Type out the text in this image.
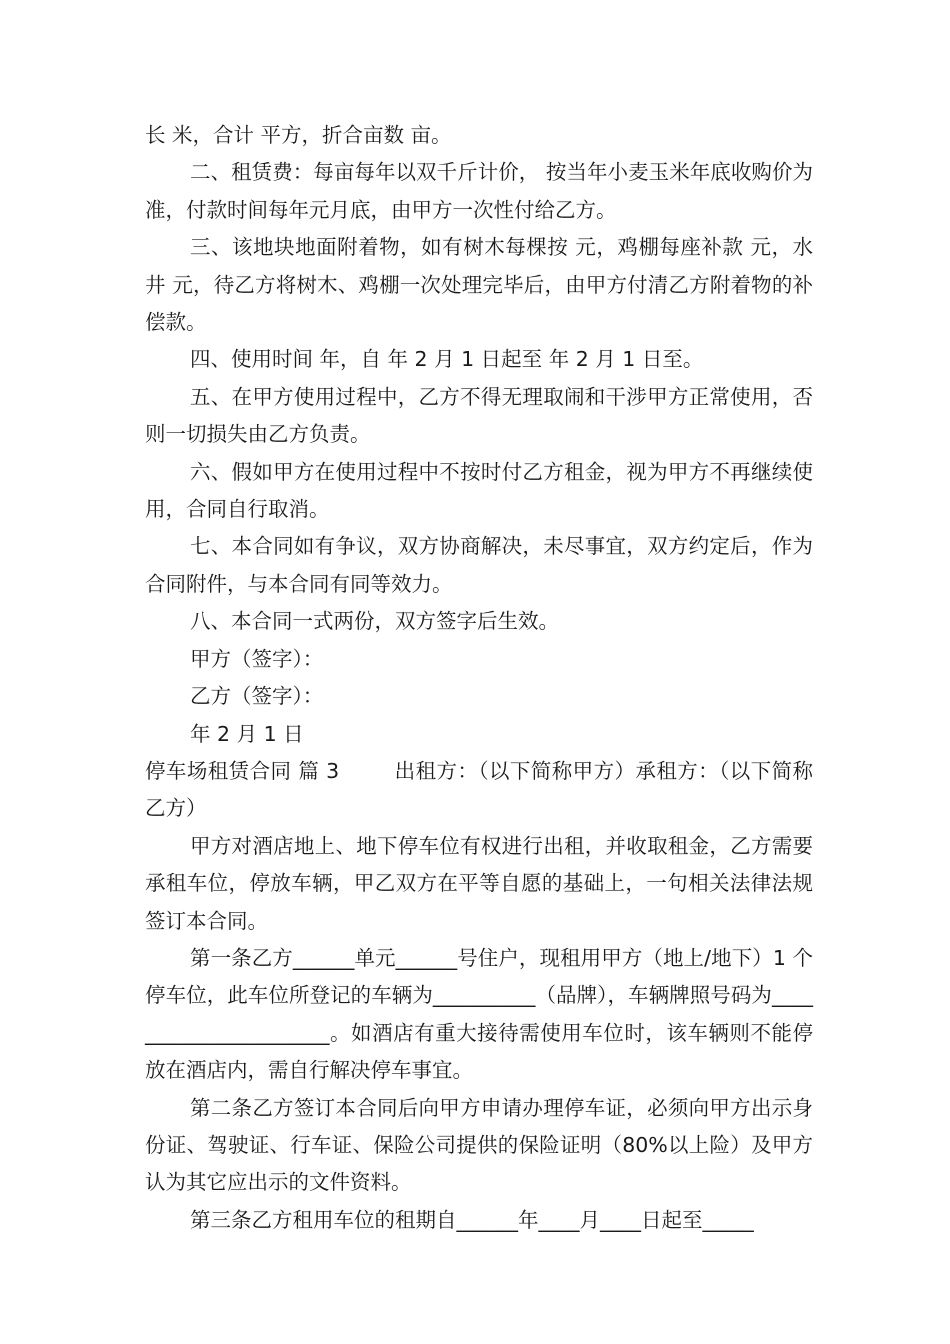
长 米，合计 平方，折合亩数 亩。

二、租赁费：每亩每年以双千斤计价， 按当年小麦玉米年底收购价为准，付款时间每年元月底，由甲方一次性付给乙方。

三、该地块地面附着物，如有树木每棵按 元，鸡棚每座补款 元，水井 元，待乙方将树木、鸡棚一次处理完毕后，由甲方付清乙方附着物的补偿款。

四、使用时间 年，自 年 2 月 1 日起至 年 2 月 1 日至。

五、在甲方使用过程中，乙方不得无理取闹和干涉甲方正常使用，否则一切损失由乙方负责。

六、假如甲方在使用过程中不按时付乙方租金，视为甲方不再继续使用，合同自行取消。

七、本合同如有争议，双方协商解决，未尽事宜，双方约定后，作为合同附件，与本合同有同等效力。

八、本合同一式两份，双方签字后生效。

甲方（签字）：

乙方（签字）：

年 2 月 1 日

停车场租赁合同 篇 3        出租方：（以下简称甲方）承租方：（以下简称乙方）

甲方对酒店地上、地下停车位有权进行出租，并收取租金，乙方需要承租车位，停放车辆，甲乙双方在平等自愿的基础上，一句相关法律法规签订本合同。

第一条乙方______单元______号住户，现租用甲方（地上/地下）1 个停车位，此车位所登记的车辆为__________（品牌），车辆牌照号码为______________________。如酒店有重大接待需使用车位时，该车辆则不能停放在酒店内，需自行解决停车事宜。

第二条乙方签订本合同后向甲方申请办理停车证，必须向甲方出示身份证、驾驶证、行车证、保险公司提供的保险证明（80%以上险）及甲方认为其它应出示的文件资料。

第三条乙方租用车位的租期自______年____月____日起至_____
